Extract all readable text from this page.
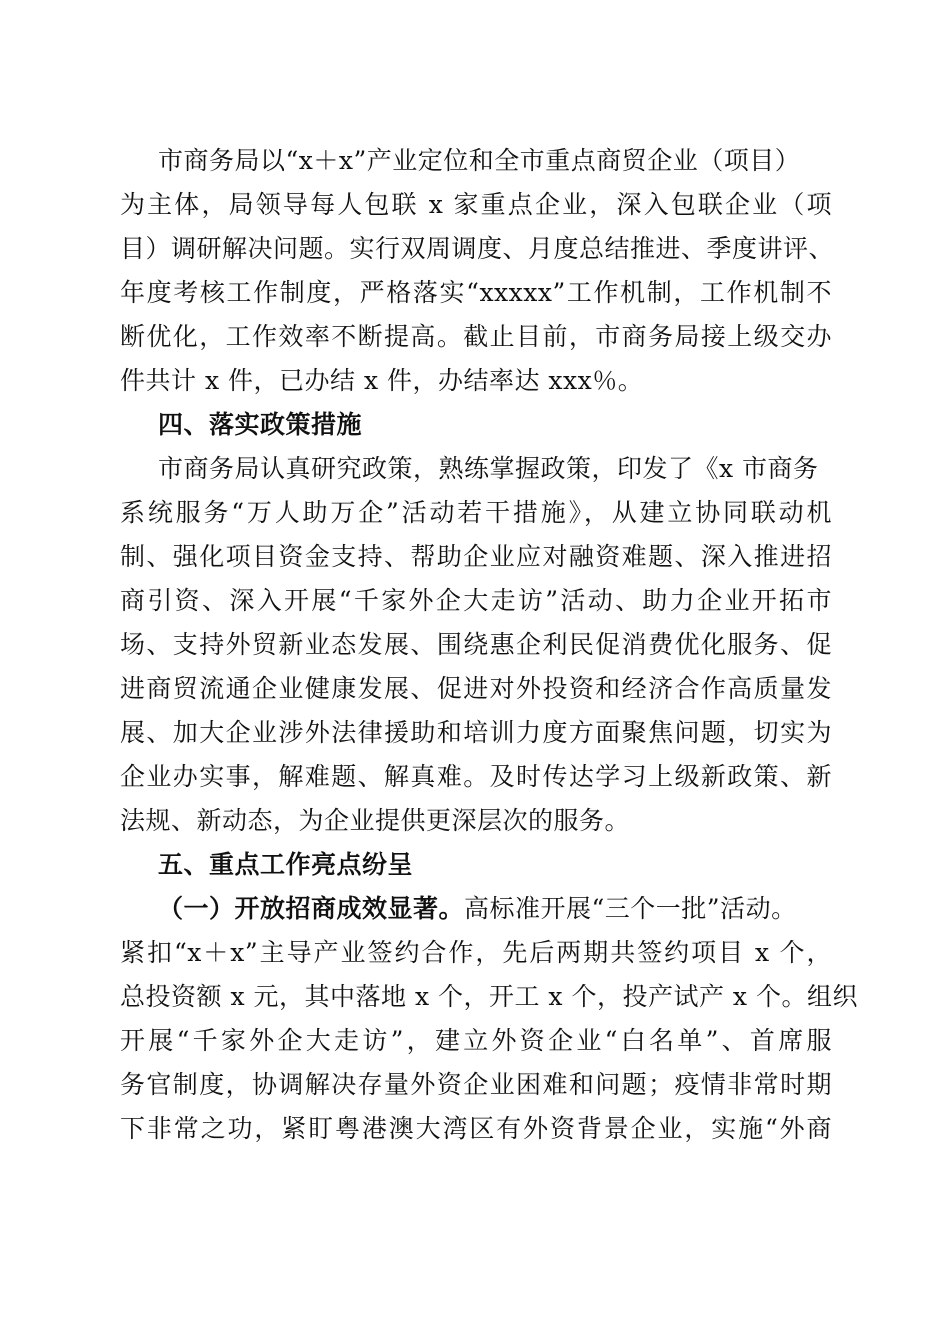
市商务局以“x＋x”产业定位和全市重点商贸企业（项目）
为主体，局领导每人包联 x 家重点企业，深入包联企业（项
目）调研解决问题。实行双周调度、月度总结推进、季度讲评、
年度考核工作制度，严格落实“xxxxx”工作机制，工作机制不
断优化，工作效率不断提高。截止目前，市商务局接上级交办
件共计 x 件，已办结 x 件，办结率达 xxx％。
四、落实政策措施
市商务局认真研究政策，熟练掌握政策，印发了《x 市商务
系统服务“万人助万企”活动若干措施》，从建立协同联动机
制、强化项目资金支持、帮助企业应对融资难题、深入推进招
商引资、深入开展“千家外企大走访”活动、助力企业开拓市
场、支持外贸新业态发展、围绕惠企利民促消费优化服务、促
进商贸流通企业健康发展、促进对外投资和经济合作高质量发
展、加大企业涉外法律援助和培训力度方面聚焦问题，切实为
企业办实事，解难题、解真难。及时传达学习上级新政策、新
法规、新动态，为企业提供更深层次的服务。
五、重点工作亮点纷呈
（一）开放招商成效显著。高标准开展“三个一批”活动。
紧扣“x＋x”主导产业签约合作，先后两期共签约项目 x 个，
总投资额 x 元，其中落地 x 个，开工 x 个，投产试产 x 个。组织
开展“千家外企大走访”，建立外资企业“白名单”、首席服
务官制度，协调解决存量外资企业困难和问题；疫情非常时期
下非常之功，紧盯粤港澳大湾区有外资背景企业，实施“外商
